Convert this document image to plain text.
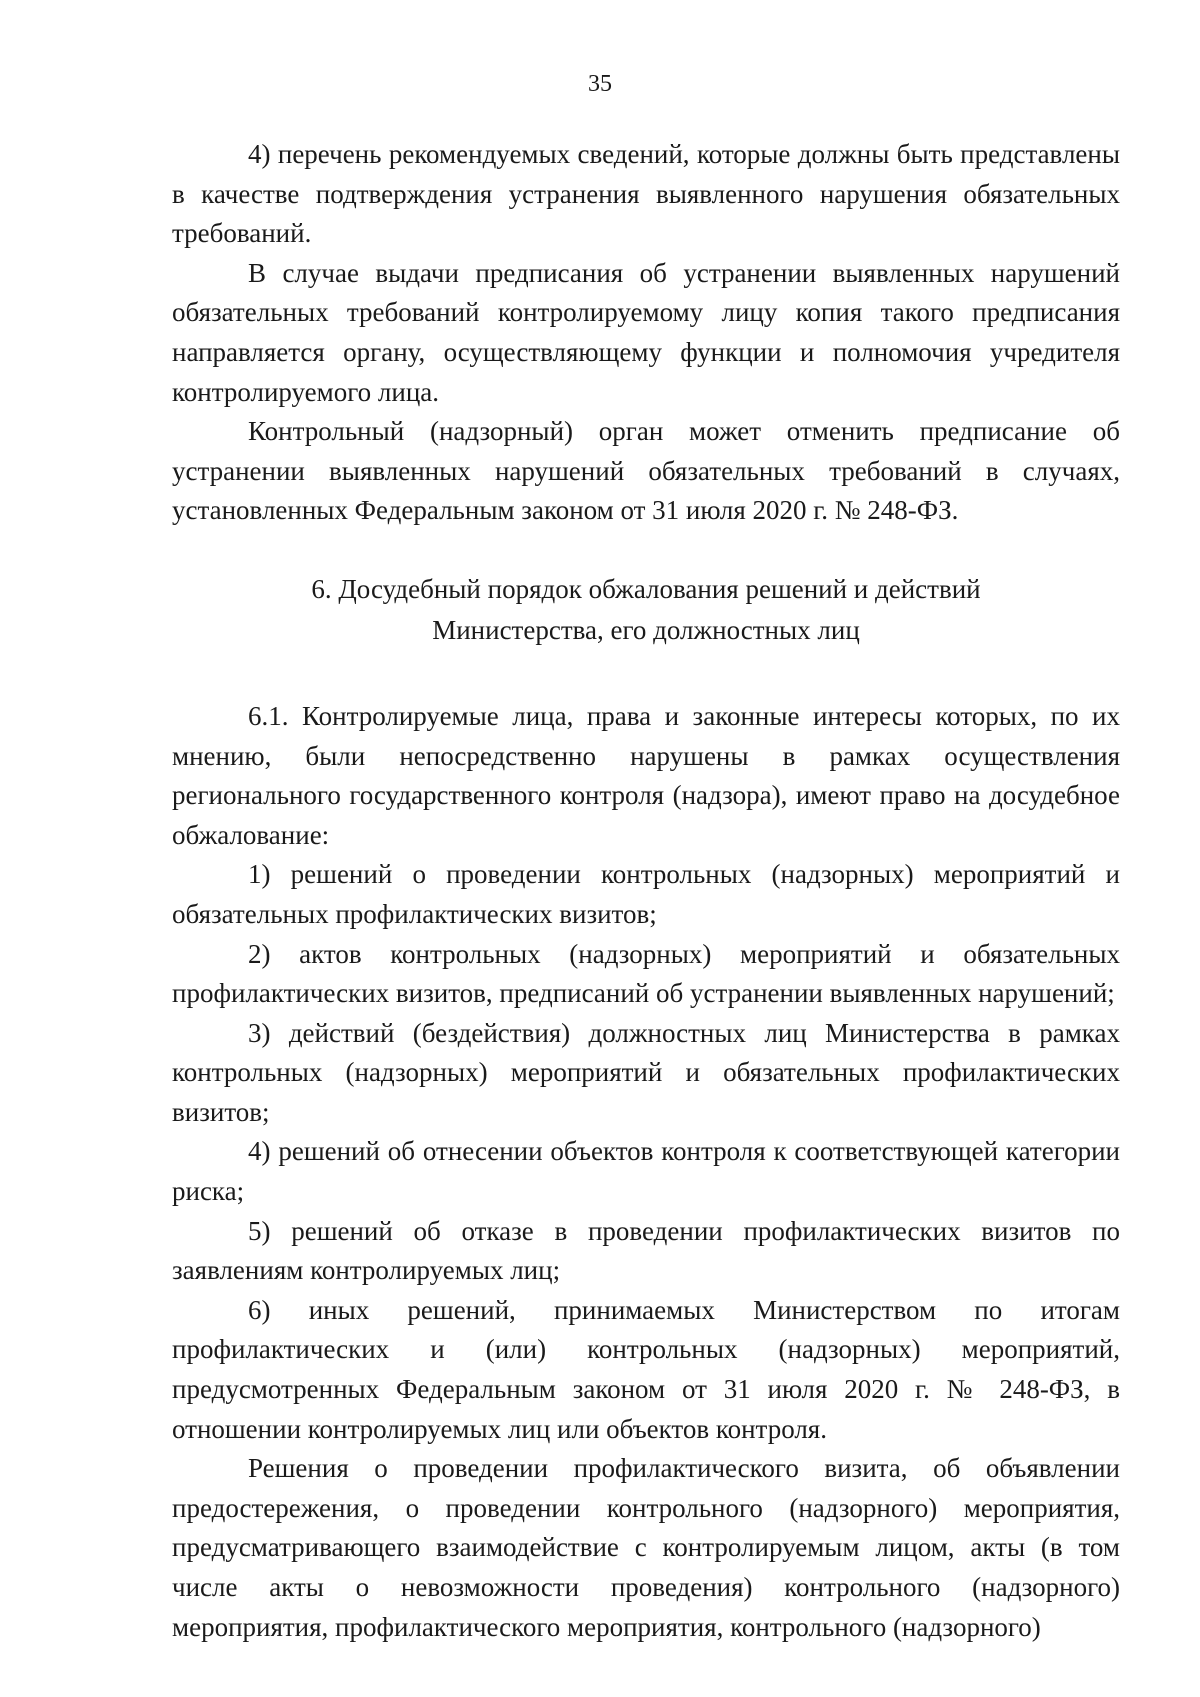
35

4) перечень рекомендуемых сведений, которые должны быть представлены в качестве подтверждения устранения выявленного нарушения обязательных требований.

В случае выдачи предписания об устранении выявленных нарушений обязательных требований контролируемому лицу копия такого предписания направляется органу, осуществляющему функции и полномочия учредителя контролируемого лица.

Контрольный (надзорный) орган может отменить предписание об устранении выявленных нарушений обязательных требований в случаях, установленных Федеральным законом от 31 июля 2020 г. № 248-ФЗ.

6. Досудебный порядок обжалования решений и действий

Министерства, его должностных лиц

6.1. Контролируемые лица, права и законные интересы которых, по их мнению, были непосредственно нарушены в рамках осуществления регионального государственного контроля (надзора), имеют право на досудебное обжалование:

1) решений о проведении контрольных (надзорных) мероприятий и обязательных профилактических визитов;

2) актов контрольных (надзорных) мероприятий и обязательных профилактических визитов, предписаний об устранении выявленных нарушений;

3) действий (бездействия) должностных лиц Министерства в рамках контрольных (надзорных) мероприятий и обязательных профилактических визитов;

4) решений об отнесении объектов контроля к соответствующей категории риска;

5) решений об отказе в проведении профилактических визитов по заявлениям контролируемых лиц;

6) иных решений, принимаемых Министерством по итогам профилактических и (или) контрольных (надзорных) мероприятий, предусмотренных Федеральным законом от 31 июля 2020 г. № 248-ФЗ, в отношении контролируемых лиц или объектов контроля.

Решения о проведении профилактического визита, об объявлении предостережения, о проведении контрольного (надзорного) мероприятия, предусматривающего взаимодействие с контролируемым лицом, акты (в том числе акты о невозможности проведения) контрольного (надзорного) мероприятия, профилактического мероприятия, контрольного (надзорного)
